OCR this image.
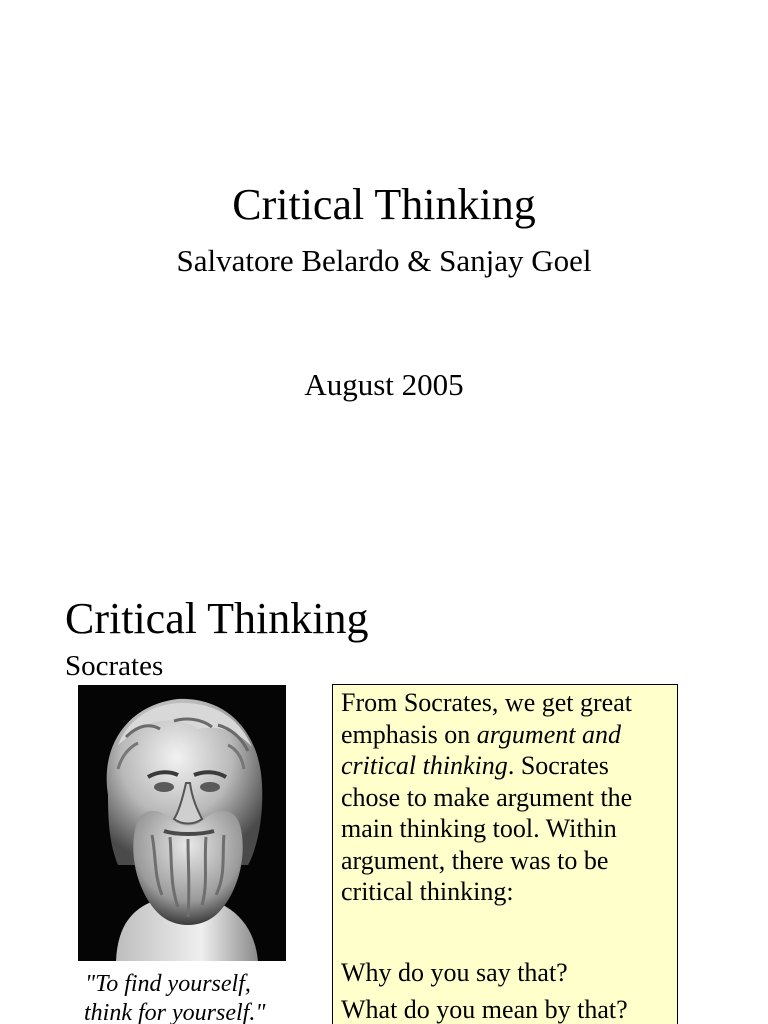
Critical Thinking
Salvatore Belardo & Sanjay Goel
August 2005
Critical Thinking
Socrates
"To find yourself,
think for yourself."

From Socrates, we get great emphasis on argument and critical thinking. Socrates chose to make argument the main thinking tool. Within argument, there was to be critical thinking:

Why do you say that?
What do you mean by that?
